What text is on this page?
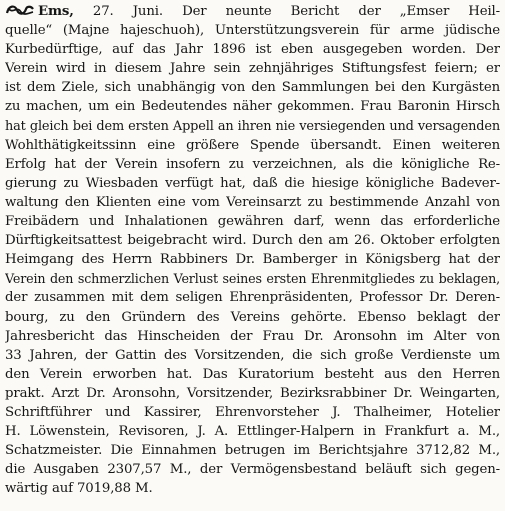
Ems, 27. Juni. Der neunte Bericht der „Emser Heil-
quelle“ (Majne hajeschuoh), Unterstützungsverein für arme jüdische
Kurbedürftige, auf das Jahr 1896 ist eben ausgegeben worden. Der
Verein wird in diesem Jahre sein zehnjähriges Stiftungsfest feiern; er
ist dem Ziele, sich unabhängig von den Sammlungen bei den Kurgästen
zu machen, um ein Bedeutendes näher gekommen. Frau Baronin Hirsch
hat gleich bei dem ersten Appell an ihren nie versiegenden und versagenden
Wohlthätigkeitssinn eine größere Spende übersandt. Einen weiteren
Erfolg hat der Verein insofern zu verzeichnen, als die königliche Re-
gierung zu Wiesbaden verfügt hat, daß die hiesige königliche Badever-
waltung den Klienten eine vom Vereinsarzt zu bestimmende Anzahl von
Freibädern und Inhalationen gewähren darf, wenn das erforderliche
Dürftigkeitsattest beigebracht wird. Durch den am 26. Oktober erfolgten
Heimgang des Herrn Rabbiners Dr. Bamberger in Königsberg hat der
Verein den schmerzlichen Verlust seines ersten Ehrenmitgliedes zu beklagen,
der zusammen mit dem seligen Ehrenpräsidenten, Professor Dr. Deren-
bourg, zu den Gründern des Vereins gehörte. Ebenso beklagt der
Jahresbericht das Hinscheiden der Frau Dr. Aronsohn im Alter von
33 Jahren, der Gattin des Vorsitzenden, die sich große Verdienste um
den Verein erworben hat. Das Kuratorium besteht aus den Herren
prakt. Arzt Dr. Aronsohn, Vorsitzender, Bezirksrabbiner Dr. Weingarten,
Schriftführer und Kassirer, Ehrenvorsteher J. Thalheimer, Hotelier
H. Löwenstein, Revisoren, J. A. Ettlinger-Halpern in Frankfurt a. M.,
Schatzmeister. Die Einnahmen betrugen im Berichtsjahre 3712,82 M.,
die Ausgaben 2307,57 M., der Vermögensbestand beläuft sich gegen-
wärtig auf 7019,88 M.
